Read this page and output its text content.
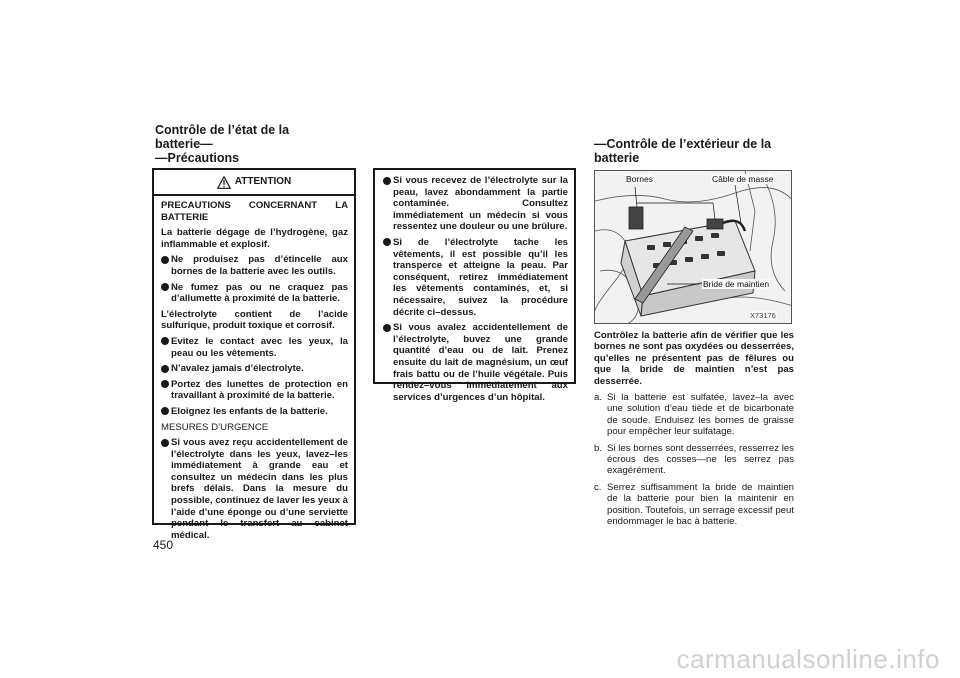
Contrôle de l’état de la
batterie—
—Précautions
—Contrôle de l’extérieur de la
batterie
ATTENTION
PRECAUTIONS CONCERNANT LA BATTERIE
La batterie dégage de l’hydrogène, gaz inflammable et explosif.
Ne produisez pas d’étincelle aux bornes de la batterie avec les outils.
Ne fumez pas ou ne craquez pas d’allumette à proximité de la batterie.
L’électrolyte contient de l’acide sulfurique, produit toxique et corrosif.
Evitez le contact avec les yeux, la peau ou les vêtements.
N’avalez jamais d’électrolyte.
Portez des lunettes de protection en travaillant à proximité de la batterie.
Eloignez les enfants de la batterie.
MESURES D’URGENCE
Si vous avez reçu accidentellement de l’électrolyte dans les yeux, lavez–les immédiatement à grande eau et consultez un médecin dans les plus brefs délais. Dans la mesure du possible, continuez de laver les yeux à l’aide d’une éponge ou d’une serviette pendant le transfert au cabinet médical.
Si vous recevez de l’électrolyte sur la peau, lavez abondamment la partie contaminée. Consultez immédiatement un médecin si vous ressentez une douleur ou une brûlure.
Si de l’électrolyte tache les vêtements, il est possible qu’il les transperce et atteigne la peau. Par conséquent, retirez immédiatement les vêtements contaminés, et, si nécessaire, suivez la procédure décrite ci–dessus.
Si vous avalez accidentellement de l’électrolyte, buvez une grande quantité d’eau ou de lait. Prenez ensuite du lait de magnésium, un œuf frais battu ou de l’huile végétale. Puis rendez–vous immédiatement aux services d’urgences d’un hôpital.
Bornes	Câble de masse
Bride de maintien
X73176
Contrôlez la batterie afin de vérifier que les bornes ne sont pas oxydées ou desserrées, qu’elles ne présentent pas de fêlures ou que la bride de maintien n’est pas desserrée.
a. Si la batterie est sulfatée, lavez–la avec une solution d’eau tiède et de bicarbonate de soude. Enduisez les bornes de graisse pour empêcher leur sulfatage.
b. Si les bornes sont desserrées, resserrez les écrous des cosses—ne les serrez pas exagérément.
c. Serrez suffisamment la bride de maintien de la batterie pour bien la maintenir en position. Toutefois, un serrage excessif peut endommager le bac à batterie.
450
carmanualsonline.info
